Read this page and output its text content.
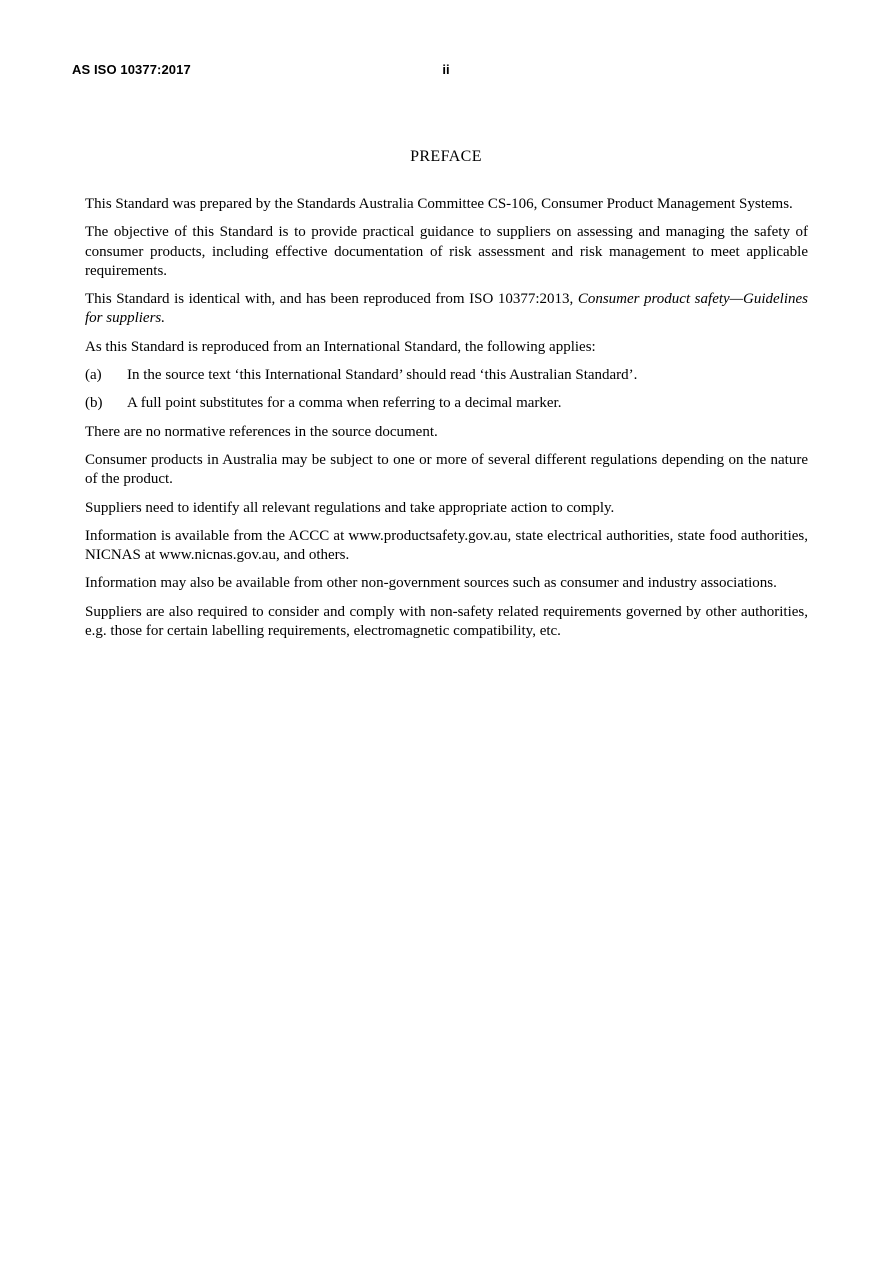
AS ISO 10377:2017	ii
PREFACE

This Standard was prepared by the Standards Australia Committee CS-106, Consumer Product Management Systems.

The objective of this Standard is to provide practical guidance to suppliers on assessing and managing the safety of consumer products, including effective documentation of risk assessment and risk management to meet applicable requirements.

This Standard is identical with, and has been reproduced from ISO 10377:2013, Consumer product safety—Guidelines for suppliers.

As this Standard is reproduced from an International Standard, the following applies:

(a)	In the source text ‘this International Standard’ should read ‘this Australian Standard’.
(b)	A full point substitutes for a comma when referring to a decimal marker.

There are no normative references in the source document.

Consumer products in Australia may be subject to one or more of several different regulations depending on the nature of the product.

Suppliers need to identify all relevant regulations and take appropriate action to comply.

Information is available from the ACCC at www.productsafety.gov.au, state electrical authorities, state food authorities, NICNAS at www.nicnas.gov.au, and others.

Information may also be available from other non-government sources such as consumer and industry associations.

Suppliers are also required to consider and comply with non-safety related requirements governed by other authorities, e.g. those for certain labelling requirements, electromagnetic compatibility, etc.
